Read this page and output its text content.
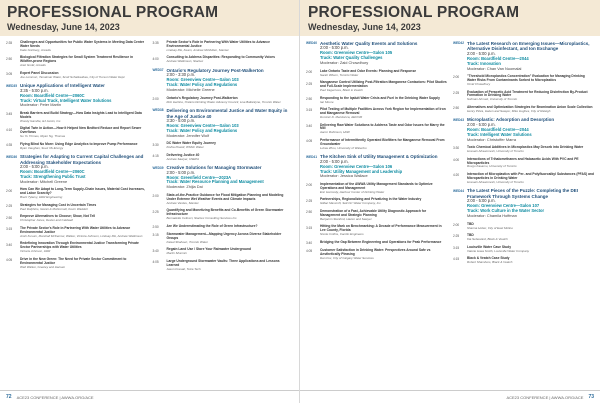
PROFESSIONAL PROGRAM
Wednesday, June 14, 2023
2:35	Challenges and Opportunities for Public Water Systems in Meeting Data Center Water Needs
Katie Grinberg, Arcadis
2:50	Biological Filtration Strategies for Small System Treatment Resilience in Wildfire-prone Regions
Ariel Grold, Arcadis
3:05	Expert Panel Discussion
Joe Lemmon, Tamalmar Water, Scott Schalkaulkas, City of Tucson Water Dept.
WED35 Unique Applications of Intelligent Water
3:35 - 5:00 p.m.
Room: Boardfield Centre—2060C
Track: Virtual Track, Intelligent Water Solutions
Moderator: Peter Martin
3:45	Break Barriers and Build Strategy—How Data Insights Lead to Intelligent Data Models
Woody Gamble, EJ Jamin, Inc.
4:10	Digital Twin in Action—How it Helped New Bedford Reduce and Report Sewer Overflows
Su Yu Tinmes, Riyan Ng, Thomas
4:35	Flying Blind No More: Using Edge Analytics to Improve Pump Performance
Ryan Vaughan, Suez IIS Energy
WED36 Strategies for Adapting to Current Capital Challenges and Addressing Stakeholder Expectations
2:00 - 5:00 p.m.
Room: Boardfield Centre—2060C
Track: Strengthening Public Trust
Moderator: Mitchell Greene
2:00	How Can We Adapt to Long-Term Supply-Chain Issues, Material Cost Increases, and Labor Scarcity?
Brent Tylamy, HDR Engineering
2:25	Strategies for Managing Cost in Uncertain Times
Paul Dolphins, Gianni & McDonnell, Kevin Waddell
2:50	Emprove Alternatives to Choose; Show, Not Tell
Christopher Jones, Dexter and Caldwell
3:15	The Private Sector's Role in Partnering With Water Utilities to Advance Environmental Justice
Ansh Kusum, Marshall McKerrow, Walker, Victoria Johnson, Lindsay RH, Andrew Watkinson
3:40	Redefining Innovation Through Environmental Justice Transforming Private Sector Partnerships with Water Utilities
Victoria Johnson, HDR
4:05	Drive in the New Green: The Need for Private Sector Commitment to Environmental Justice
Walt Walker, Greeley and Hansen
3:35	Private Sector's Role in Partnering With Water Utilities to Advance Environmental Justice
Lindsay RH, Kearn, Andrew McMullen, Stantec
4:00	Consulting to Address Disparities: Responding to Community Voices
Andrew Watkinson, Stantec
WED37 Ontario's Regulatory Journey Post-Walkerton
2:00 - 3:30 p.m.
Room: Greenview Centre—Salon 103
Track: Water Policy and Regulations
Moderator: Michelle Greene
2:00	Ontario's Regulatory Journey Post-Walkerton
Rob Henline, Ontario Drinking Water Advisory Council, Lisa Ballantyne, Toronto Water
WED38 Delivering on Environmental Justice and Water Equity in the Age of Justice 40
3:30 - 5:00 p.m.
Room: Greenview Centre—Salon 103
Track: Water Policy and Regulations
Moderator: Jennifer Wolf
3:30	DC Water Water Equity Journey
Kishia Powell, WSSC Water
4:15	Delivering Justice 40
Andrew Sawyer, USEPA
WED39 Creative Solutions for Managing Stormwater
2:00 - 5:00 p.m.
Room: Greenfield Centre—2023A
Track: Water Resource Planning and Management
Moderator: Zhijia Dai
2:00	State-of-the-Practice Guidance for Flood Mitigation Planning and Modeling Under Extreme Wet Weather Events and Climate Impacts
Andrew Vardes, Stantec
2:25	Quantifying and Monetizing Benefits and Co-Benefits of Green Stormwater Infrastructure
Bernadette Cellucci, Stantec Consulting Services Inc.
2:50	Are We Underestimating the Role of Green Infrastructure?
3:15	Stormwater Management—Mapping Urgency Across Diverse Stakeholder Groups
Faisal Shaheen, Toronto Water
3:40	Regain Land Use / Store Your Rainwater Underground
Martin Sharmin
4:05	Large Underground Stormwater Vaults: Three Applications and Lessons Learned
Jason Fossati, Tetra Tech
72 ACE23 CONFERENCE | AWWA.ORG/ACE
PROFESSIONAL PROGRAM
Wednesday, June 14, 2023
WED40 Aesthetic Water Quality Events and Solutions
2:00 - 5:00 p.m.
Room: Greenview Centre—Salon 105
Track: Water Quality Challenges
Moderator: Zaid Chowdhury
2:00	Lake Ontario Taste and Odor Events: Planning and Response
Sarah Wilson, Toronto Water
2:25	Manganese Control Utilizing Post-Filtration Manganese Contactors: Pilot Studies and Full-Scale Implementation
Paul Fagerness, Black & Veatch
2:50	Responding to the Iqaluit Water Crisis and Fuel in the Drinking Water Supply
Ian Moore
3:15	Pilot Testing of Multiple Facilities Across York Region for Implementation of Iron and Manganese Removal
Dominic D. Mendonca, AECOM
3:40	Delivering Raw Water Solutions to Address Taste and Odor Issues for Marry the Mill
Aaron Robinson, HDR
4:05	Performance of Intermittently Operated Biofilters for Manganese Removal From Groundwater
Lukas Zhou, University of Waterloo
WED41 The Kitchen Sink of Utility Management & Optimization
2:00 - 5:00 p.m.
Room: Greenview Centre—Salon 106
Track: Utility Management and Leadership
Moderator: Jessica Wallace
2:00	Implementation of the AWWA Utility Management Standards to Optimize Operations and Management
Eric Harmody, Harbour Center of Drinking Water
2:25	Partnerships, Regionalizing and Privatizing in the Water Industry
Gillian Maxcroft, Sell-Orr Water Company, Inc.
2:50	Demonstration of a Fast, Achievable Utility Diagnostic Approach for Management and Strategic Planning
Benjamin Stanford, Hazen and Sawyer
3:15	Hitting the Mark on Benchmarking: A Decade of Performance Measurement in Lee County, Florida
Nicole Collins, Carollo Engineers
3:40	Bridging the Gap Between Engineering and Operations for Peak Performance
4:05	Customer Satisfaction in Drinking Water: Perspectives Around Safe vs Aesthetically Pleasing
Dan Fox, City of Calgary Water Services
WED42 The Latest Research on Emerging Issues—Microplastics, Alternative Disinfectant, and Ion Exchange
2:00 - 5:00 p.m.
Room: Boardfield Centre—2044
Track: Innovation
Moderator: Chan Van Nuomalal
2:00	"Threshold Microplastics Concentration" Evaluation for Managing Drinking Water Risks From Contaminants Sorbed to Microplastics
Omid Chowdhury
2:25	Evaluation of Peracetic Acid Treatment for Reducing Disinfection By-Product Formation in Drinking Water
Soliman Ahmed, University of Toronto
2:50	Alternatives and Optimization Strategies for Bromination Anion Scale Collection
Henry Pizza, Hazen and Sawyer, Mike Hughes, City of Raleigh
WED43 Microplastic: Adsorption and Desorption
2:00 - 5:00 p.m.
Room: Boardfield Centre—2044
Track: Intelligent Water Solutions
Moderator: Christoffer Marra
3:30	Toxic Chemical Additives in Microplastics May Desorb into Drinking Water
Hossein Afraamnesh, University of Toronto
4:00	Interactions of Trihalomethanes and Haloacetic Acids With PVC and PE Microparticles
Roxgo Kasamu, University of Toronto
4:20	Interaction of Microplastics with Per- and Polyfluoroalkyl Substances (PFAS) and Microparticles in Drinking Water
Hossein Afraamnesh, University of Toronto
WED44 The Latest Pieces of the Puzzle: Completing the DEI Framework Through Systems Change
2:00 - 5:00 p.m.
Room: Greenview Centre—Salon 107
Track: Work Culture in the Water Sector
Moderator: Chamila Hoffman
2:00	TBD
Shanna Heber, City of East Moline
2:25	TBD
Kia Sebestard, Black & Veatch
3:15	Louisville Water Case Study
Valerie Haas Smith, Louisville Water Company
4:15	Black & Veatch Case Study
Robert Shambers, Black & Veatch
ACE23 CONFERENCE | AWWA.ORG/ACE 73
